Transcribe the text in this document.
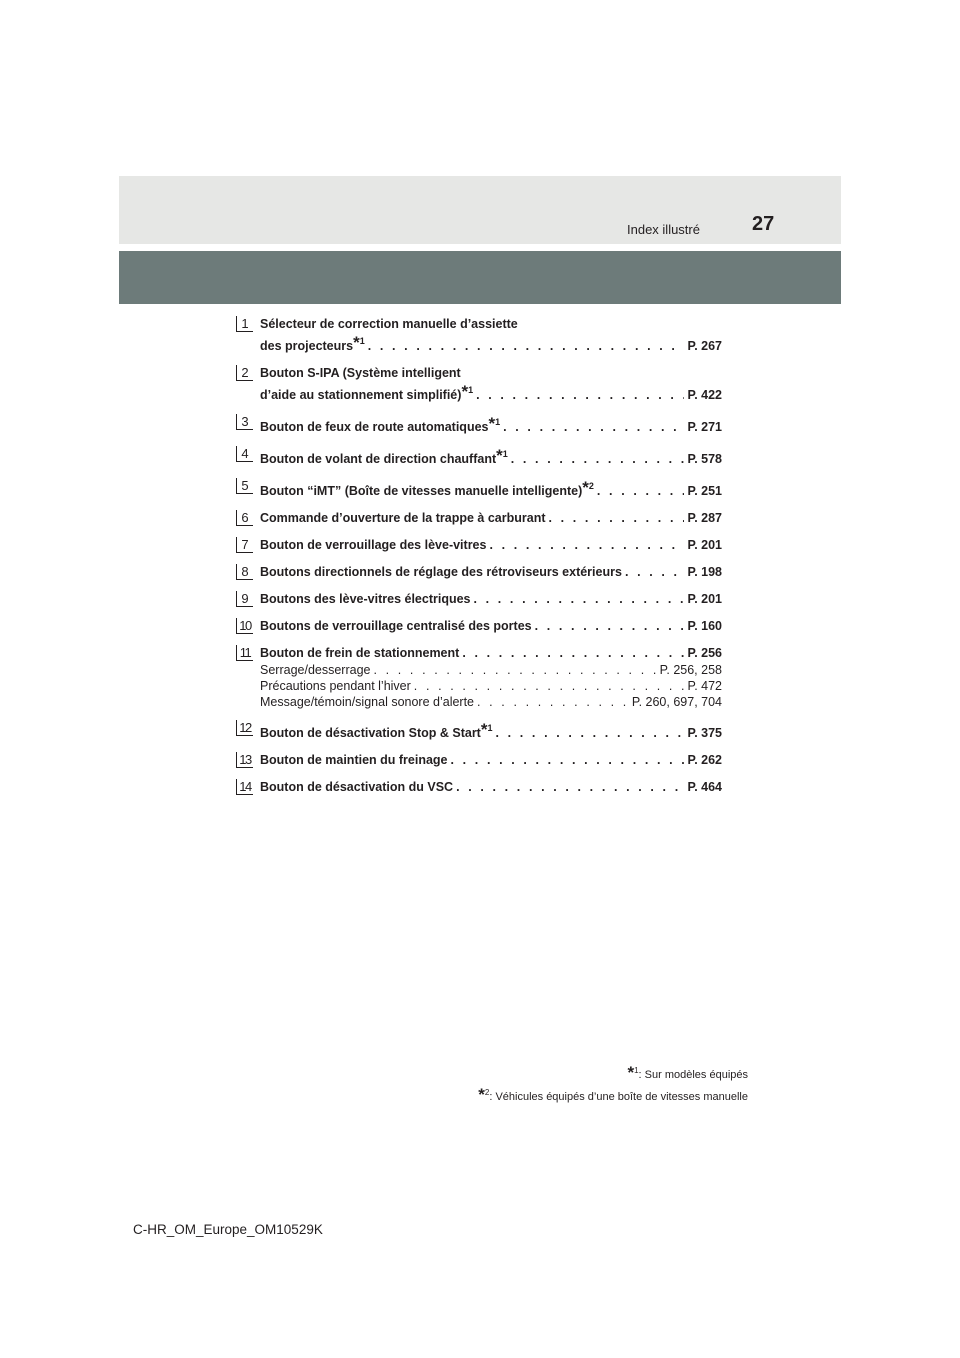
Index illustré	27
1 Sélecteur de correction manuelle d’assiette
des projecteurs*$^1$ . . .	P. 267
2 Bouton S-IPA (Système intelligent
d’aide au stationnement simplifié)*$^1$ . . .	P. 422
3 Bouton de feux de route automatiques*$^1$ . . .	P. 271
4 Bouton de volant de direction chauffant*$^1$ . . .	P. 578
5 Bouton “iMT” (Boîte de vitesses manuelle intelligente)*$^2$ . . .	P. 251
6 Commande d’ouverture de la trappe à carburant . . .	P. 287
7 Bouton de verrouillage des lève-vitres . . .	P. 201
8 Boutons directionnels de réglage des rétroviseurs extérieurs . . .	P. 198
9 Boutons des lève-vitres électriques . . .	P. 201
10 Boutons de verrouillage centralisé des portes . . .	P. 160
11 Bouton de frein de stationnement . . .	P. 256
Serrage/desserrage . . .	P. 256, 258
Précautions pendant l’hiver . . .	P. 472
Message/témoin/signal sonore d’alerte . . .	P. 260, 697, 704
12 Bouton de désactivation Stop & Start*$^1$ . . .	P. 375
13 Bouton de maintien du freinage . . .	P. 262
14 Bouton de désactivation du VSC . . .	P. 464
*$^1$: Sur modèles équipés
*$^2$: Véhicules équipés d’une boîte de vitesses manuelle
C-HR_OM_Europe_OM10529K
